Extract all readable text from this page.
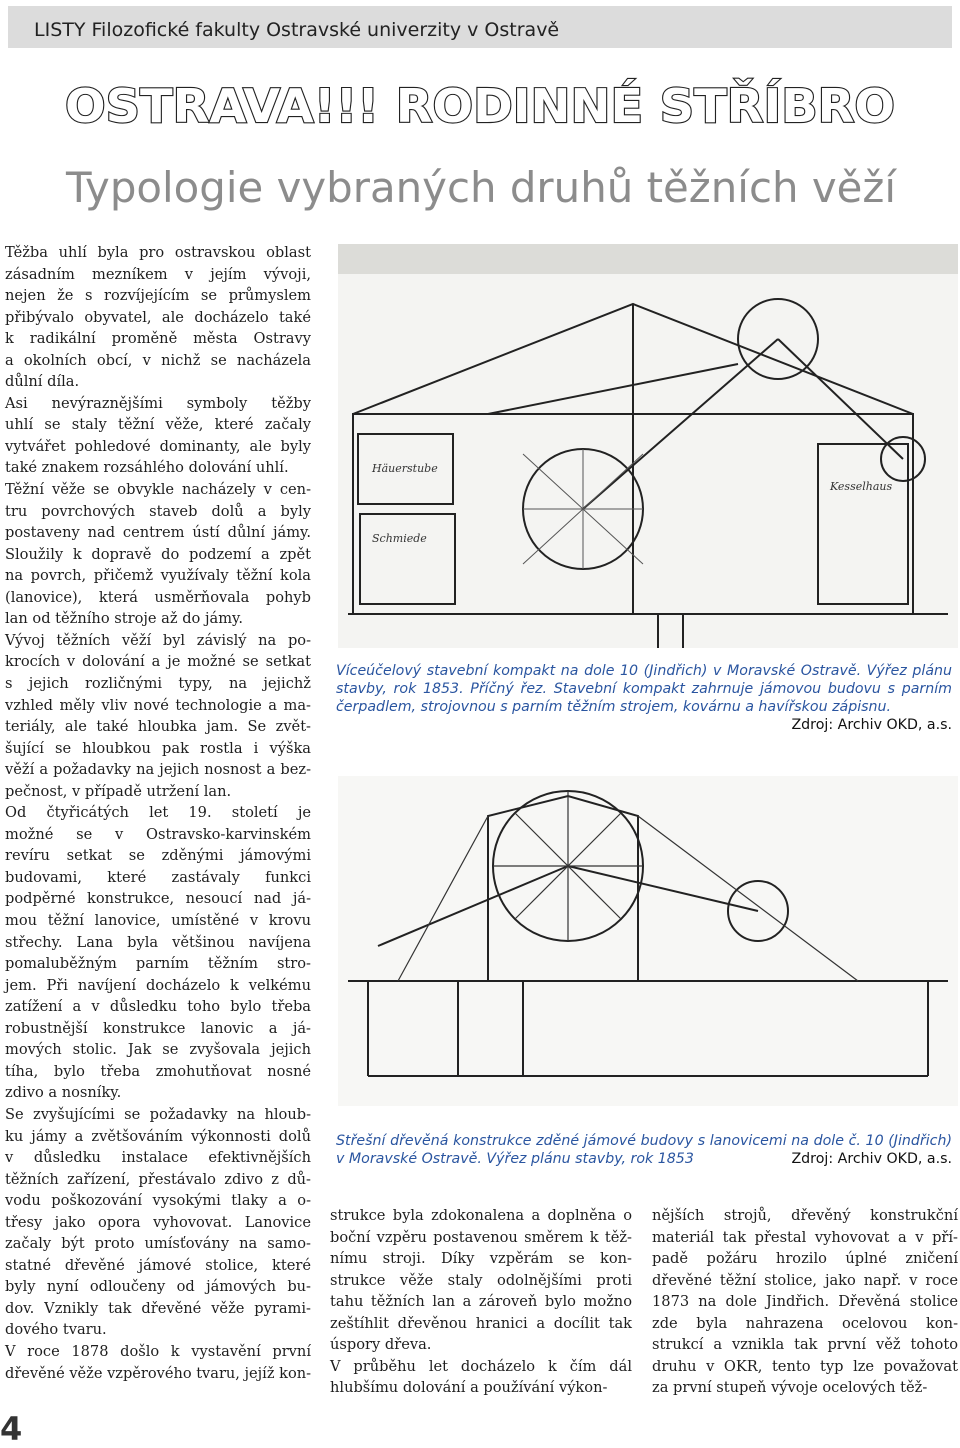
LISTY Filozofické fakulty Ostravské univerzity v Ostravě
OSTRAVA!!! RODINNÉ STŘÍBRO
Typologie vybraných druhů těžních věží
Těžba uhlí byla pro ostravskou oblast
zásadním mezníkem v jejím vývoji,
nejen že s rozvíjejícím se průmyslem
přibývalo obyvatel, ale docházelo také
k radikální proměně města Ostravy
a okolních obcí, v nichž se nacházela
důlní díla.
Asi nevýraznějšími symboly těžby
uhlí se staly těžní věže, které začaly
vytvářet pohledové dominanty, ale byly
také znakem rozsáhlého dolování uhlí.
Těžní věže se obvykle nacházely v cen-
tru povrchových staveb dolů a byly
postaveny nad centrem ústí důlní jámy.
Sloužily k dopravě do podzemí a zpět
na povrch, přičemž využívaly těžní kola
(lanovice), která usměrňovala pohyb
lan od těžního stroje až do jámy.
Vývoj těžních věží byl závislý na po-
krocích v dolování a je možné se setkat
s jejich rozličnými typy, na jejichž
vzhled měly vliv nové technologie a ma-
teriály, ale také hloubka jam. Se zvět-
šující se hloubkou pak rostla i výška
věží a požadavky na jejich nosnost a bez-
pečnost, v případě utržení lan.
Od čtyřicátých let 19. století je
možné se v Ostravsko-karvinském
revíru setkat se zděnými jámovými
budovami, které zastávaly funkci
podpěrné konstrukce, nesoucí nad já-
mou těžní lanovice, umístěné v krovu
střechy. Lana byla většinou navíjena
pomaluběžným parním těžním stro-
jem. Při navíjení docházelo k velkému
zatížení a v důsledku toho bylo třeba
robustnější konstrukce lanovic a já-
mových stolic. Jak se zvyšovala jejich
tíha, bylo třeba zmohutňovat nosné
zdivo a nosníky.
Se zvyšujícími se požadavky na hloub-
ku jámy a zvětšováním výkonnosti dolů
v důsledku instalace efektivnějších
těžních zařízení, přestávalo zdivo z dů-
vodu poškozování vysokými tlaky a o-
třesy jako opora vyhovovat. Lanovice
začaly být proto umísťovány na samo-
statné dřevěné jámové stolice, které
byly nyní odloučeny od jámových bu-
dov. Vznikly tak dřevěné věže pyrami-
dového tvaru.
V roce 1878 došlo k vystavění první
dřevěné věže vzpěrového tvaru, jejíž kon-
Häuerstube
Schmiede
Kesselhaus
Víceúčelový stavební kompakt na dole 10 (Jindřich) v Moravské Ostravě. Výřez plánu stavby, rok 1853. Příčný řez. Stavební kompakt zahrnuje jámovou budovu s parním čerpadlem, strojovnou s parním těžním strojem, kovárnu a havířskou zápisnu.
Zdroj: Archiv OKD, a.s.
Střešní dřevěná konstrukce zděné jámové budovy s lanovicemi na dole č. 10 (Jindřich) v Moravské Ostravě. Výřez plánu stavby, rok 1853	Zdroj: Archiv OKD, a.s.
strukce byla zdokonalena a doplněna o
boční vzpěru postavenou směrem k těž-
nímu stroji. Díky vzpěrám se kon-
strukce věže staly odolnějšími proti
tahu těžních lan a zároveň bylo možno
zeštíhlit dřevěnou hranici a docílit tak
úspory dřeva.
V průběhu let docházelo k čím dál
hlubšímu dolování a používání výkon-
nějších strojů, dřevěný konstrukční
materiál tak přestal vyhovovat a v pří-
padě požáru hrozilo úplné zničení
dřevěné těžní stolice, jako např. v roce
1873 na dole Jindřich. Dřevěná stolice
zde byla nahrazena ocelovou kon-
strukcí a vznikla tak první věž tohoto
druhu v OKR, tento typ lze považovat
za první stupeň vývoje ocelových těž-
4
